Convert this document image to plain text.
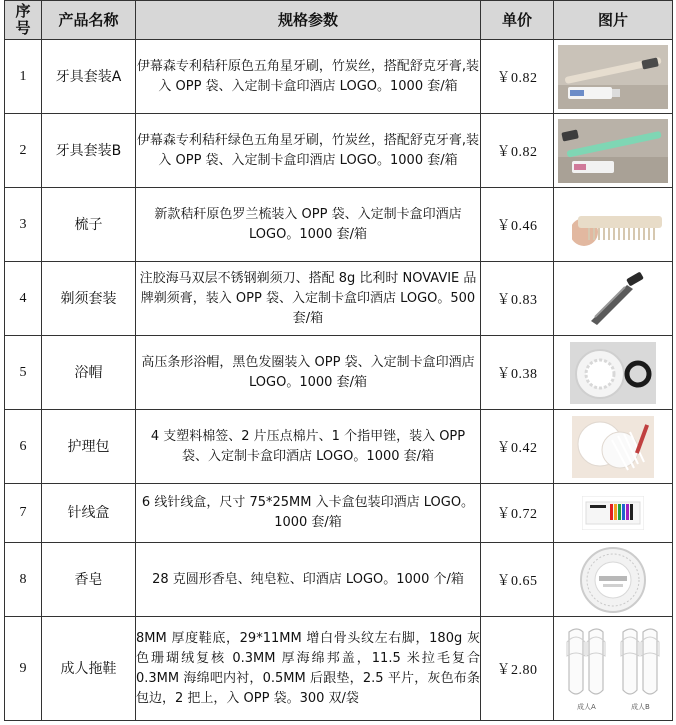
序号	产品名称	规格参数	单价	图片
1	牙具套装A	伊幕森专利秸秆原色五角星牙刷，竹炭丝，搭配舒克牙膏,装入 OPP 袋、入定制卡盒印酒店 LOGO。1000 套/箱	￥0.82	

2	牙具套装B	伊幕森专利秸秆绿色五角星牙刷，竹炭丝，搭配舒克牙膏,装入 OPP 袋、入定制卡盒印酒店 LOGO。1000 套/箱	￥0.82	

3	梳子	新款秸秆原色罗兰梳装入 OPP 袋、入定制卡盒印酒店 LOGO。1000 套/箱	￥0.46	

4	剃须套装	注胶海马双层不锈钢剃须刀、搭配 8g 比利时 NOVAVIE 品牌剃须膏，装入 OPP 袋、入定制卡盒印酒店 LOGO。500 套/箱	￥0.83	

5	浴帽	高压条形浴帽，黑色发圈装入 OPP 袋、入定制卡盒印酒店 LOGO。1000 套/箱	￥0.38	

6	护理包	4 支塑料棉签、2 片压点棉片、1 个指甲锉，装入 OPP 袋、入定制卡盒印酒店 LOGO。1000 套/箱	￥0.42	

7	针线盒	6 线针线盒，尺寸 75*25MM 入卡盒包装印酒店 LOGO。1000 套/箱	￥0.72	

8	香皂	28 克圆形香皂、纯皂粒、印酒店 LOGO。1000 个/箱	￥0.65	

9	成人拖鞋	8MM 厚度鞋底，29*11MM 增白骨头纹左右脚，180g 灰色珊瑚绒复核 0.3MM 厚海绵邦盖，11.5 米拉毛复合 0.3MM 海绵吧内衬，0.5MM 后跟垫，2.5 平片，灰色布条包边，2 把上，入 OPP 袋。300 双/袋	￥2.80	成人A 成人B
